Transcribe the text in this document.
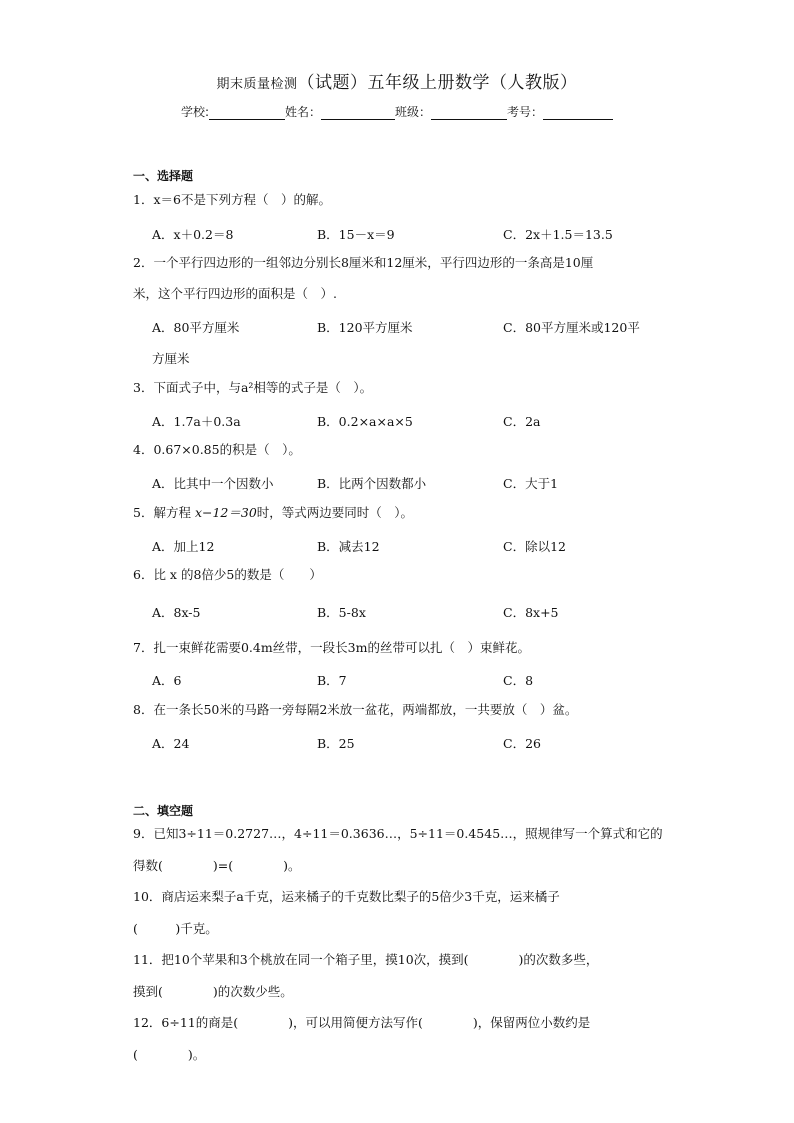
期末质量检测（试题）五年级上册数学（人教版）
学校:	姓名：	班级：	考号：
一、选择题
1．x＝6不是下列方程（　）的解。
A．x＋0.2＝8	B．15－x＝9	C．2x＋1.5＝13.5
2．一个平行四边形的一组邻边分别长8厘米和12厘米，平行四边形的一条高是10厘
米，这个平行四边形的面积是（　）.
A．80平方厘米	B．120平方厘米	C．80平方厘米或120平
方厘米
3．下面式子中，与a²相等的式子是（　）。
A．1.7a＋0.3a	B．0.2×a×a×5	C．2a
4．0.67×0.85的积是（　）。
A．比其中一个因数小	B．比两个因数都小	C．大于1
5．解方程 x−12＝30时，等式两边要同时（　）。
A．加上12	B．减去12	C．除以12
6．比 x 的8倍少5的数是（　　）
A．8x-5	B．5-8x	C．8x+5
7．扎一束鲜花需要0.4m丝带，一段长3m的丝带可以扎（　）束鲜花。
A．6	B．7	C．8
8．在一条长50米的马路一旁每隔2米放一盆花，两端都放，一共要放（　）盆。
A．24	B．25	C．26
二、填空题
9．已知3÷11＝0.2727…，4÷11＝0.3636…，5÷11＝0.4545…，照规律写一个算式和它的
得数(　　　　)=(　　　　)。
10．商店运来梨子a千克，运来橘子的千克数比梨子的5倍少3千克，运来橘子
(　　　)千克。
11．把10个苹果和3个桃放在同一个箱子里，摸10次，摸到(　　　　)的次数多些，
摸到(　　　　)的次数少些。
12．6÷11的商是(　　　　)，可以用简便方法写作(　　　　)，保留两位小数约是
(　　　　)。
